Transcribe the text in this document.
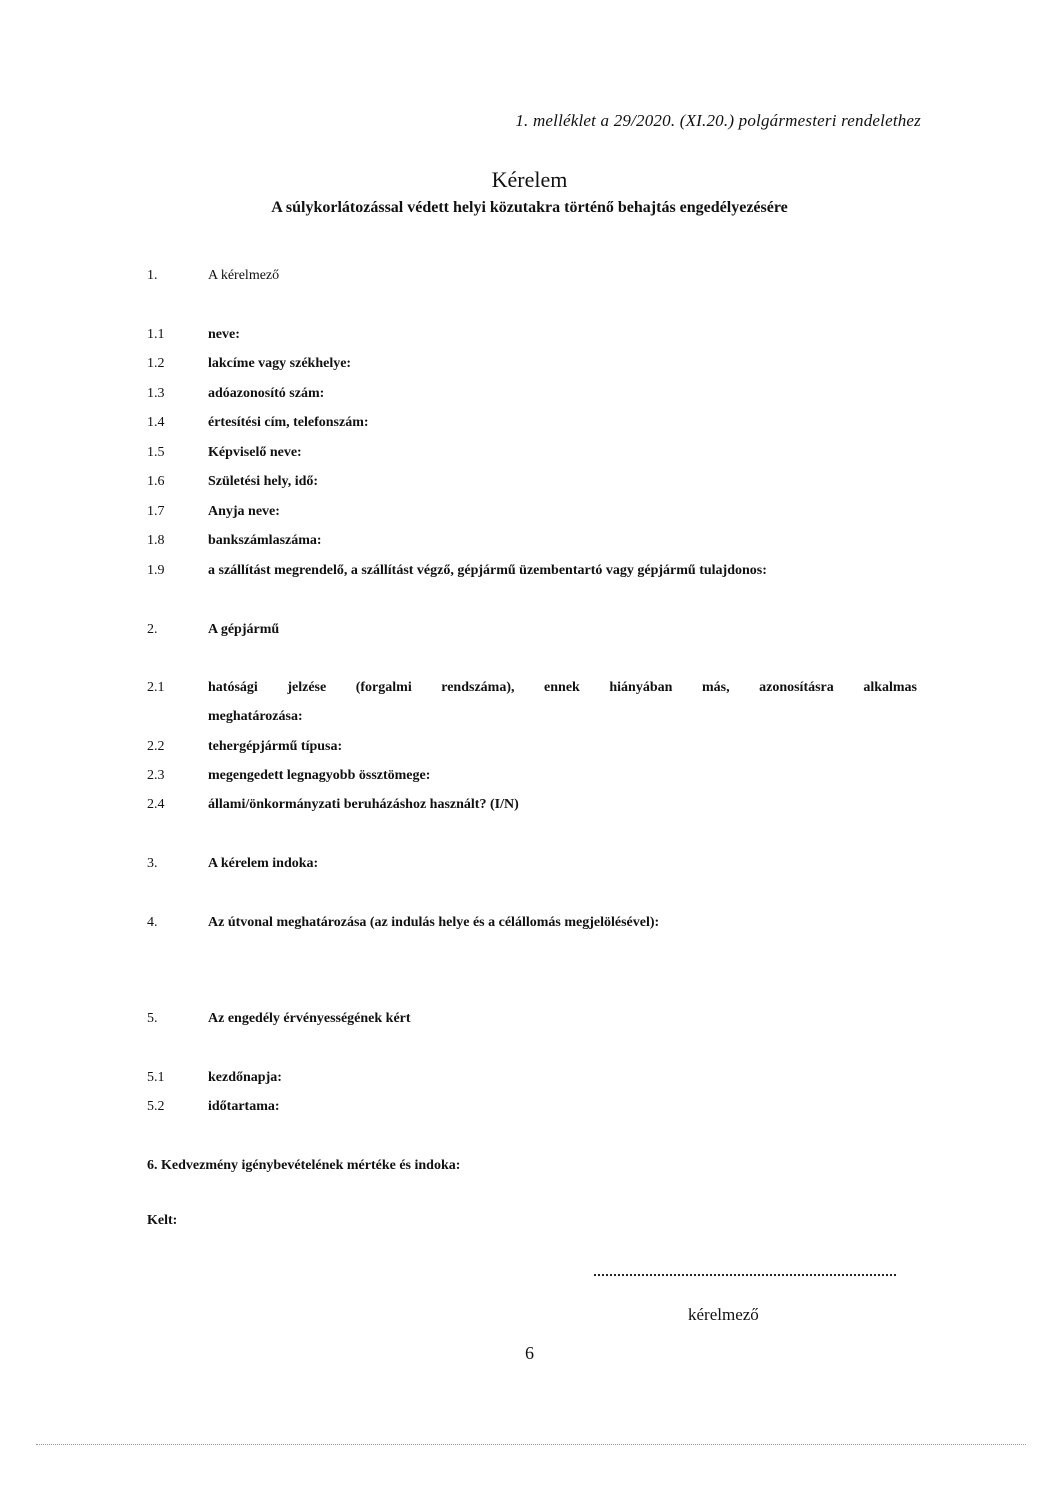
1. melléklet a 29/2020. (XI.20.) polgármesteri rendelethez
Kérelem
A súlykorlátozással védett helyi közutakra történő behajtás engedélyezésére
1.	A kérelmező
1.1	neve:
1.2	lakcíme vagy székhelye:
1.3	adóazonosító szám:
1.4	értesítési cím, telefonszám:
1.5	Képviselő neve:
1.6	Születési hely, idő:
1.7	Anyja neve:
1.8	bankszámlaszáma:
1.9	a szállítást megrendelő, a szállítást végző, gépjármű üzembentartó vagy gépjármű tulajdonos:
2.	A gépjármű
2.1	hatósági jelzése (forgalmi rendszáma), ennek hiányában más, azonosításra alkalmas
meghatározása:
2.2	tehergépjármű típusa:
2.3	megengedett legnagyobb össztömege:
2.4	állami/önkormányzati beruházáshoz használt? (I/N)
3.	A kérelem indoka:
4.	Az útvonal meghatározása (az indulás helye és a célállomás megjelölésével):
5.	Az engedély érvényességének kért
5.1	kezdőnapja:
5.2	időtartama:
6. Kedvezmény igénybevételének mértéke és indoka:
Kelt:
kérelmező
6
